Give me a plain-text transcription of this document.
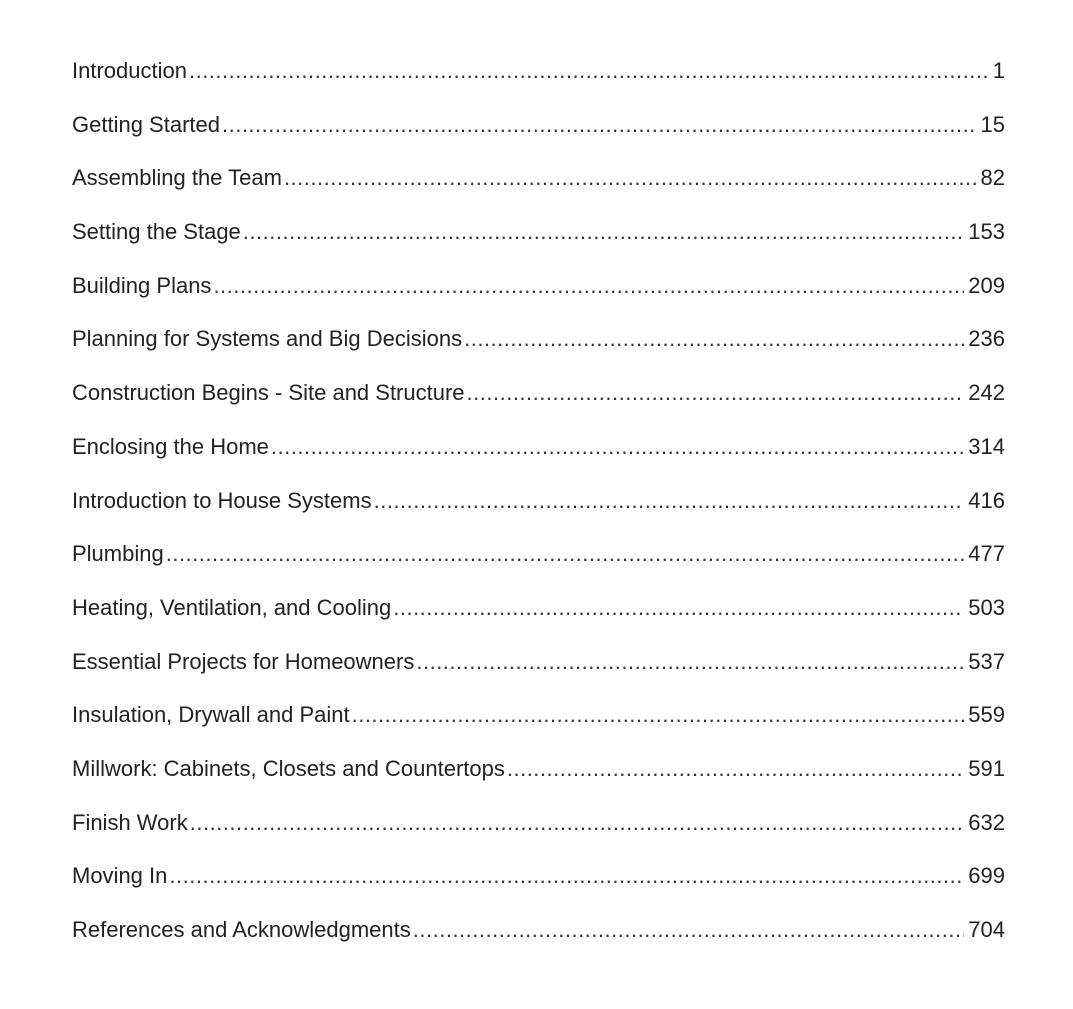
Introduction .....	1
Getting Started .....	15
Assembling the Team .....	82
Setting the Stage .....	153
Building Plans .....	209
Planning for Systems and Big Decisions .....	236
Construction Begins - Site and Structure .....	242
Enclosing the Home .....	314
Introduction to House Systems .....	416
Plumbing .....	477
Heating, Ventilation, and Cooling .....	503
Essential Projects for Homeowners .....	537
Insulation, Drywall and Paint .....	559
Millwork: Cabinets, Closets and Countertops .....	591
Finish Work .....	632
Moving In .....	699
References and Acknowledgments .....	704
